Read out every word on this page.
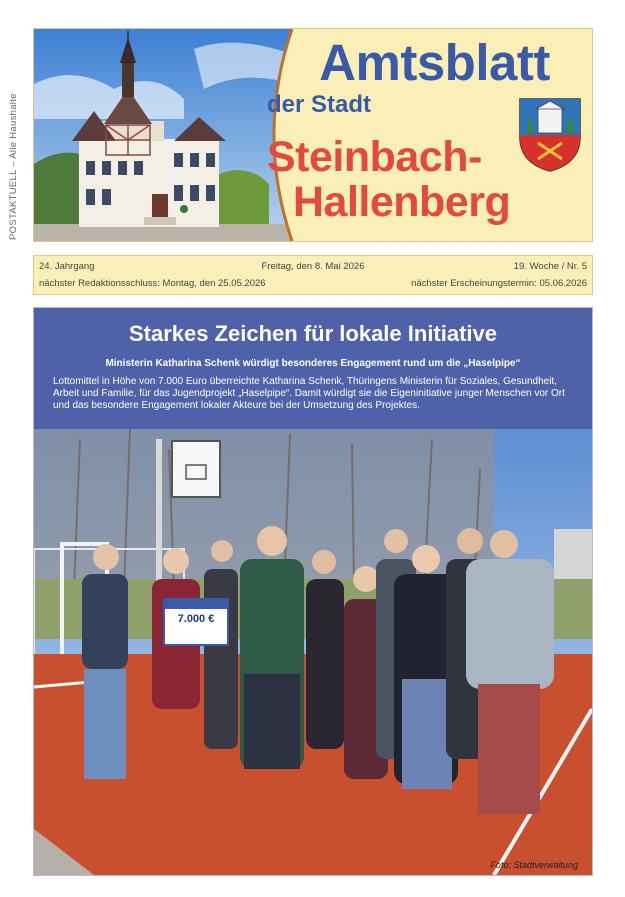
POSTAKTUELL – Alle Haushalte
Amtsblatt
der Stadt
Steinbach-
Hallenberg
24. Jahrgang	Freitag, den 8. Mai 2026	19. Woche / Nr. 5
nächster Redaktionsschluss: Montag, den 25.05.2026	nächster Erscheinungstermin: 05.06.2026
Starkes Zeichen für lokale Initiative
Ministerin Katharina Schenk würdigt besonderes Engagement rund um die „Haselpipe“
Lottomittel in Höhe von 7.000 Euro überreichte Katharina Schenk, Thüringens Ministerin für Soziales, Gesundheit, Arbeit und Familie, für das Jugendprojekt „Haselpipe“. Damit würdigt sie die Eigeninitiative junger Menschen vor Ort und das besondere Engagement lokaler Akteure bei der Umsetzung des Projektes.
7.000 €
Foto: Stadtverwaltung
